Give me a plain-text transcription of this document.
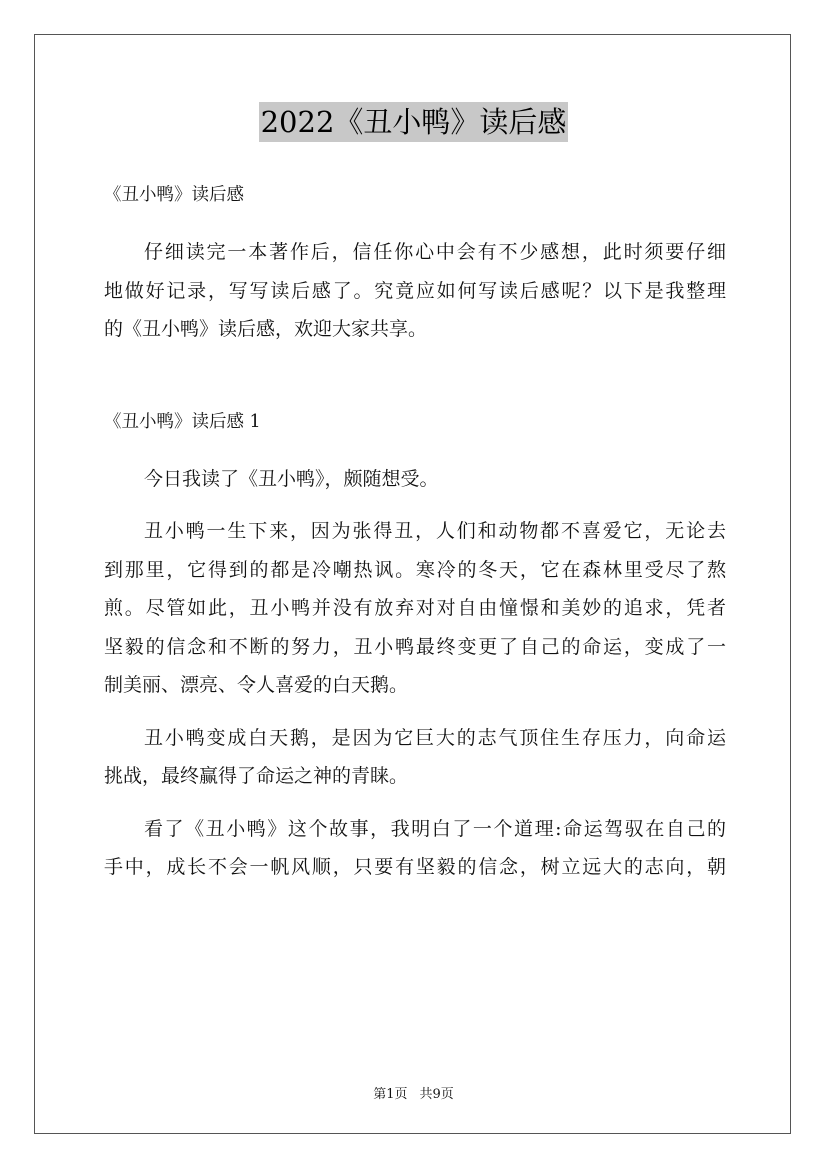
2022《丑小鸭》读后感
《丑小鸭》读后感
仔细读完一本著作后，信任你心中会有不少感想，此时须要仔细
地做好记录，写写读后感了。究竟应如何写读后感呢？以下是我整理
的《丑小鸭》读后感，欢迎大家共享。
《丑小鸭》读后感 1
今日我读了《丑小鸭》，颇随想受。
丑小鸭一生下来，因为张得丑，人们和动物都不喜爱它，无论去
到那里，它得到的都是冷嘲热讽。寒冷的冬天，它在森林里受尽了熬
煎。尽管如此，丑小鸭并没有放弃对对自由憧憬和美妙的追求，凭者
坚毅的信念和不断的努力，丑小鸭最终变更了自己的命运，变成了一
制美丽、漂亮、令人喜爱的白天鹅。
丑小鸭变成白天鹅，是因为它巨大的志气顶住生存压力，向命运
挑战，最终赢得了命运之神的青睐。
看了《丑小鸭》这个故事，我明白了一个道理:命运驾驭在自己的
手中，成长不会一帆风顺，只要有坚毅的信念，树立远大的志向，朝
第1页 共9页
